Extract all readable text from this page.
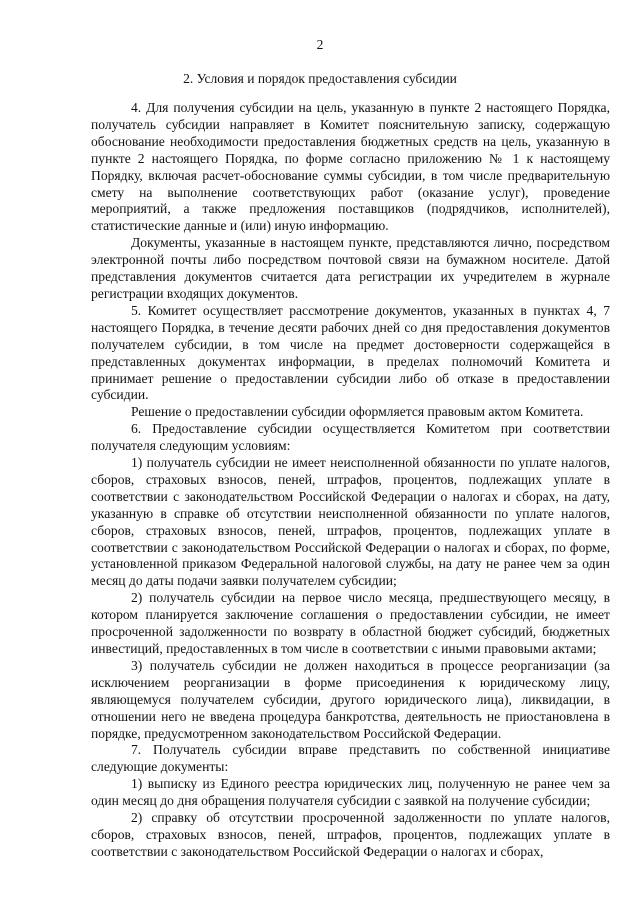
2
2. Условия и порядок предоставления субсидии

4. Для получения субсидии на цель, указанную в пункте 2 настоящего Порядка, получатель субсидии направляет в Комитет пояснительную записку, содержащую обоснование необходимости предоставления бюджетных средств на цель, указанную в пункте 2 настоящего Порядка, по форме согласно приложению № 1 к настоящему Порядку, включая расчет-обоснование суммы субсидии, в том числе предварительную смету на выполнение соответствующих работ (оказание услуг), проведение мероприятий, а также предложения поставщиков (подрядчиков, исполнителей), статистические данные и (или) иную информацию.

Документы, указанные в настоящем пункте, представляются лично, посредством электронной почты либо посредством почтовой связи на бумажном носителе. Датой представления документов считается дата регистрации их учредителем в журнале регистрации входящих документов.

5. Комитет осуществляет рассмотрение документов, указанных в пунктах 4, 7 настоящего Порядка, в течение десяти рабочих дней со дня предоставления документов получателем субсидии, в том числе на предмет достоверности содержащейся в представленных документах информации, в пределах полномочий Комитета и принимает решение о предоставлении субсидии либо об отказе в предоставлении субсидии.

Решение о предоставлении субсидии оформляется правовым актом Комитета.

6. Предоставление субсидии осуществляется Комитетом при соответствии получателя следующим условиям:

1) получатель субсидии не имеет неисполненной обязанности по уплате налогов, сборов, страховых взносов, пеней, штрафов, процентов, подлежащих уплате в соответствии с законодательством Российской Федерации о налогах и сборах, на дату, указанную в справке об отсутствии неисполненной обязанности по уплате налогов, сборов, страховых взносов, пеней, штрафов, процентов, подлежащих уплате в соответствии с законодательством Российской Федерации о налогах и сборах, по форме, установленной приказом Федеральной налоговой службы, на дату не ранее чем за один месяц до даты подачи заявки получателем субсидии;

2) получатель субсидии на первое число месяца, предшествующего месяцу, в котором планируется заключение соглашения о предоставлении субсидии, не имеет просроченной задолженности по возврату в областной бюджет субсидий, бюджетных инвестиций, предоставленных в том числе в соответствии с иными правовыми актами;

3) получатель субсидии не должен находиться в процессе реорганизации (за исключением реорганизации в форме присоединения к юридическому лицу, являющемуся получателем субсидии, другого юридического лица), ликвидации, в отношении него не введена процедура банкротства, деятельность не приостановлена в порядке, предусмотренном законодательством Российской Федерации.

7. Получатель субсидии вправе представить по собственной инициативе следующие документы:

1) выписку из Единого реестра юридических лиц, полученную не ранее чем за один месяц до дня обращения получателя субсидии с заявкой на получение субсидии;

2) справку об отсутствии просроченной задолженности по уплате налогов, сборов, страховых взносов, пеней, штрафов, процентов, подлежащих уплате в соответствии с законодательством Российской Федерации о налогах и сборах,
